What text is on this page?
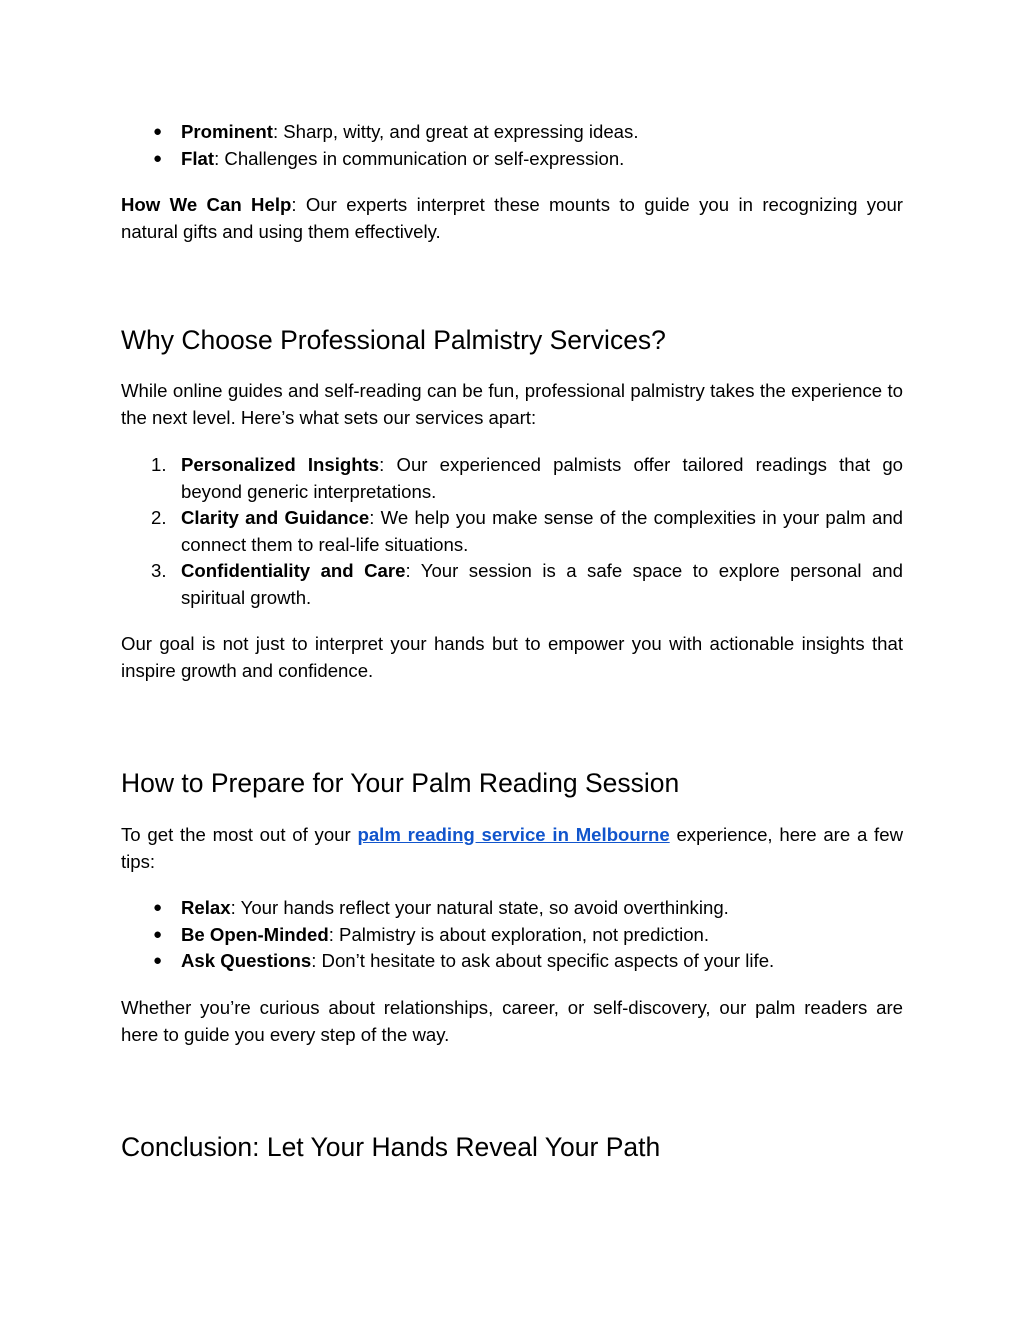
●	Prominent: Sharp, witty, and great at expressing ideas.
●	Flat: Challenges in communication or self-expression.

How We Can Help: Our experts interpret these mounts to guide you in recognizing your natural gifts and using them effectively.

Why Choose Professional Palmistry Services?

While online guides and self-reading can be fun, professional palmistry takes the experience to the next level. Here’s what sets our services apart:

1. Personalized Insights: Our experienced palmists offer tailored readings that go beyond generic interpretations.
2. Clarity and Guidance: We help you make sense of the complexities in your palm and connect them to real-life situations.
3. Confidentiality and Care: Your session is a safe space to explore personal and spiritual growth.

Our goal is not just to interpret your hands but to empower you with actionable insights that inspire growth and confidence.

How to Prepare for Your Palm Reading Session

To get the most out of your palm reading service in Melbourne experience, here are a few tips:

●	Relax: Your hands reflect your natural state, so avoid overthinking.
●	Be Open-Minded: Palmistry is about exploration, not prediction.
●	Ask Questions: Don’t hesitate to ask about specific aspects of your life.

Whether you’re curious about relationships, career, or self-discovery, our palm readers are here to guide you every step of the way.

Conclusion: Let Your Hands Reveal Your Path
